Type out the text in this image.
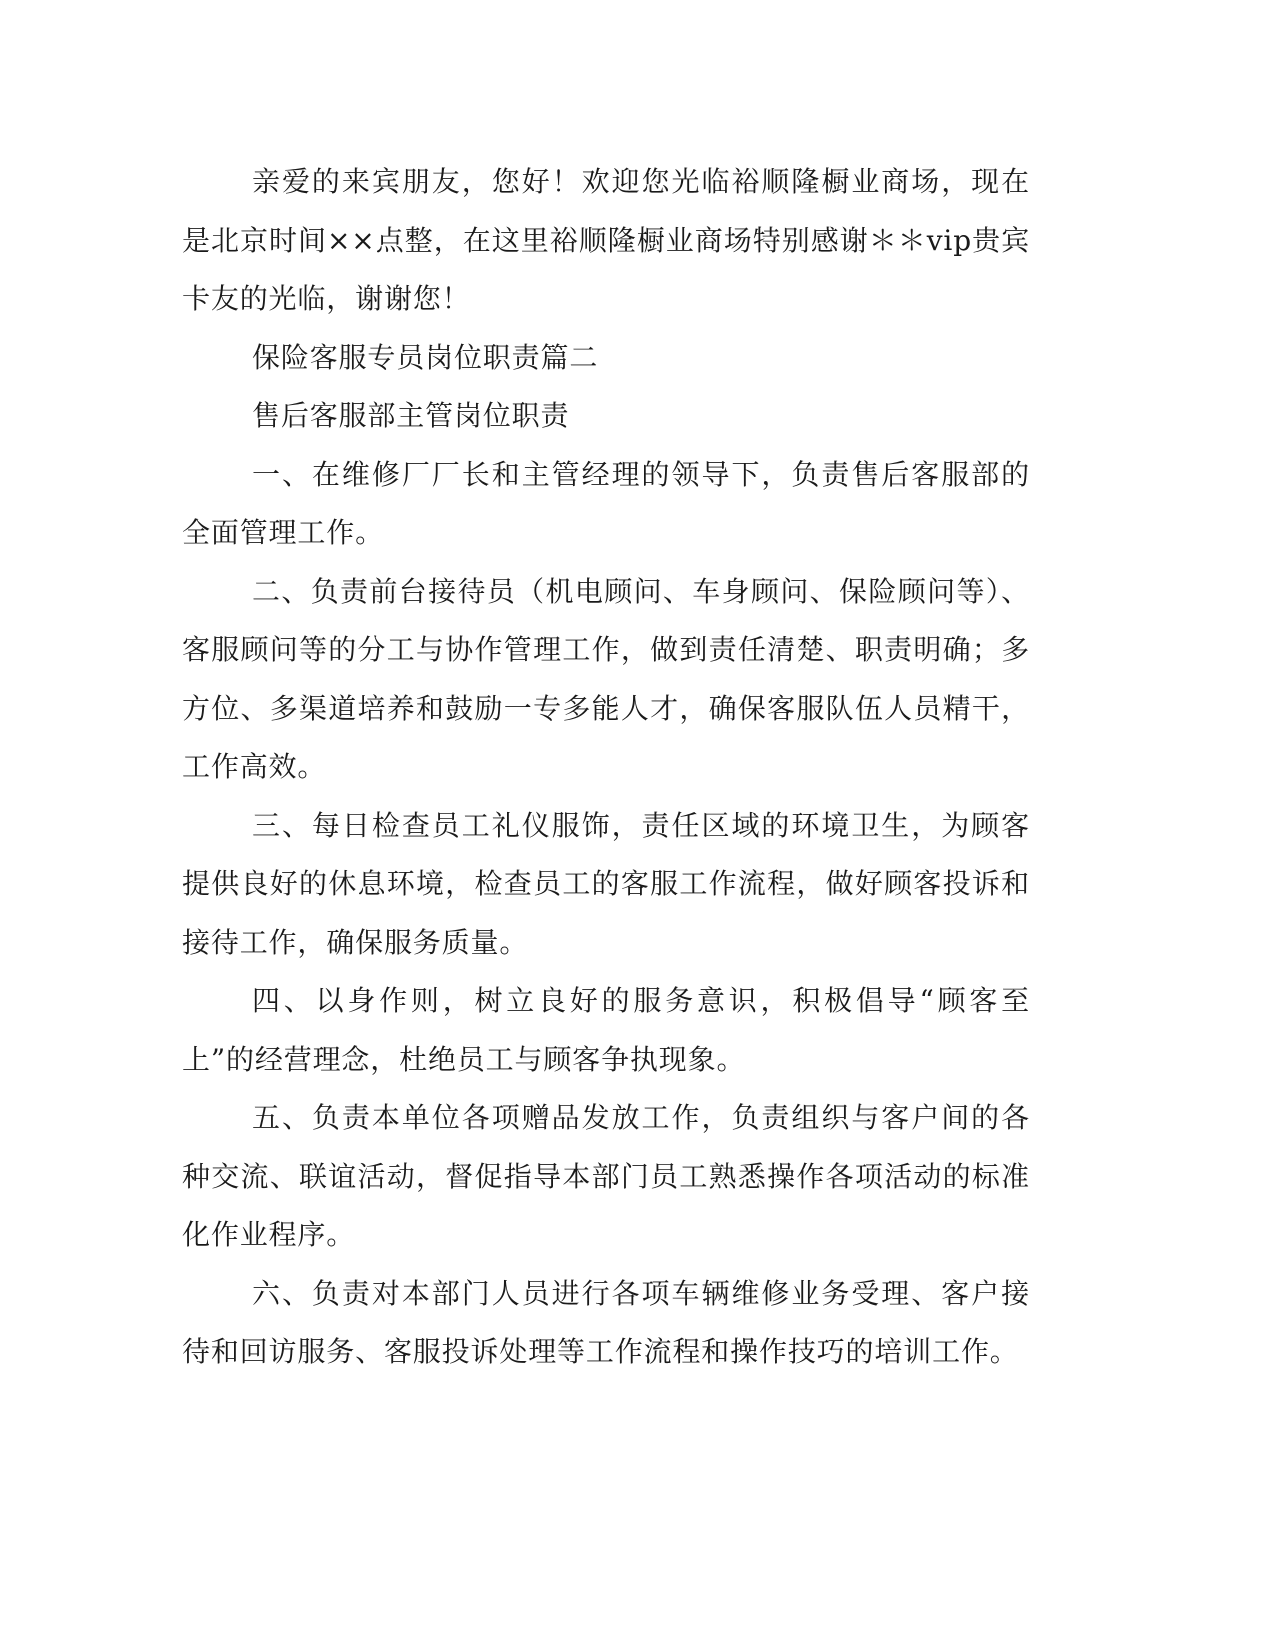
亲爱的来宾朋友，您好！欢迎您光临裕顺隆橱业商场，现在是北京时间××点整，在这里裕顺隆橱业商场特别感谢＊＊vip贵宾卡友的光临，谢谢您！

保险客服专员岗位职责篇二

售后客服部主管岗位职责

一、在维修厂厂长和主管经理的领导下，负责售后客服部的全面管理工作。

二、负责前台接待员（机电顾问、车身顾问、保险顾问等）、客服顾问等的分工与协作管理工作，做到责任清楚、职责明确；多方位、多渠道培养和鼓励一专多能人才，确保客服队伍人员精干，工作高效。

三、每日检查员工礼仪服饰，责任区域的环境卫生，为顾客提供良好的休息环境，检查员工的客服工作流程，做好顾客投诉和接待工作，确保服务质量。

四、以身作则，树立良好的服务意识，积极倡导“顾客至上”的经营理念，杜绝员工与顾客争执现象。

五、负责本单位各项赠品发放工作，负责组织与客户间的各种交流、联谊活动，督促指导本部门员工熟悉操作各项活动的标准化作业程序。

六、负责对本部门人员进行各项车辆维修业务受理、客户接待和回访服务、客服投诉处理等工作流程和操作技巧的培训工作。
